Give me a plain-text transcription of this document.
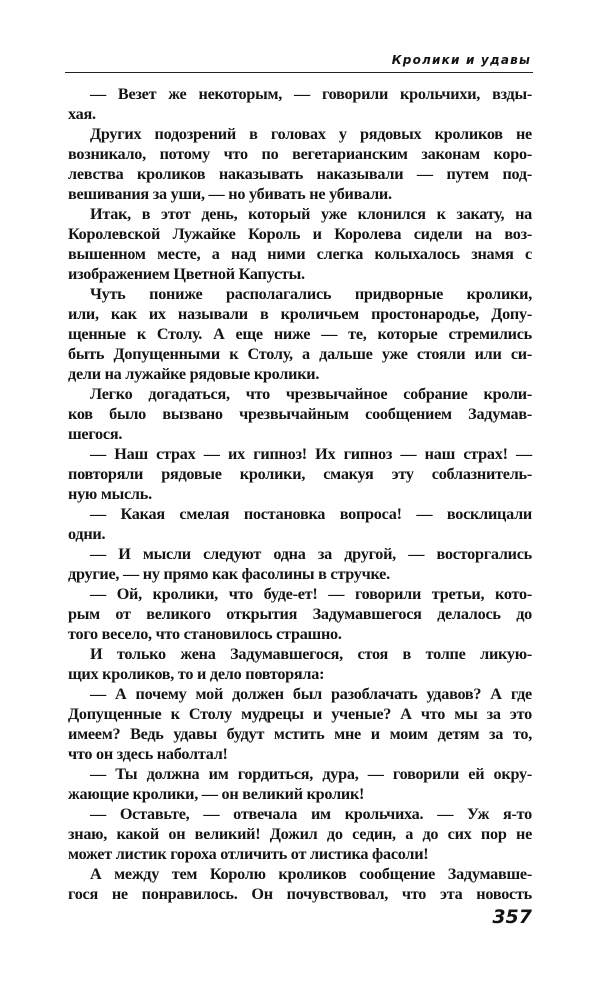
Кролики и удавы
— Везет же некоторым, — говорили крольчихи, взды-
хая.
Других подозрений в головах у рядовых кроликов не
возникало, потому что по вегетарианским законам коро-
левства кроликов наказывать наказывали — путем под-
вешивания за уши, — но убивать не убивали.
Итак, в этот день, который уже клонился к закату, на
Королевской Лужайке Король и Королева сидели на воз-
вышенном месте, а над ними слегка колыхалось знамя с
изображением Цветной Капусты.
Чуть пониже располагались придворные кролики,
или, как их называли в кроличьем простонародье, Допу-
щенные к Столу. А еще ниже — те, которые стремились
быть Допущенными к Столу, а дальше уже стояли или си-
дели на лужайке рядовые кролики.
Легко догадаться, что чрезвычайное собрание кроли-
ков было вызвано чрезвычайным сообщением Задумав-
шегося.
— Наш страх — их гипноз! Их гипноз — наш страх! —
повторяли рядовые кролики, смакуя эту соблазнитель-
ную мысль.
— Какая смелая постановка вопроса! — восклицали
одни.
— И мысли следуют одна за другой, — восторгались
другие, — ну прямо как фасолины в стручке.
— Ой, кролики, что буде-ет! — говорили третьи, кото-
рым от великого открытия Задумавшегося делалось до
того весело, что становилось страшно.
И только жена Задумавшегося, стоя в толпе ликую-
щих кроликов, то и дело повторяла:
— А почему мой должен был разоблачать удавов? А где
Допущенные к Столу мудрецы и ученые? А что мы за это
имеем? Ведь удавы будут мстить мне и моим детям за то,
что он здесь наболтал!
— Ты должна им гордиться, дура, — говорили ей окру-
жающие кролики, — он великий кролик!
— Оставьте, — отвечала им крольчиха. — Уж я-то
знаю, какой он великий! Дожил до седин, а до сих пор не
может листик гороха отличить от листика фасоли!
А между тем Королю кроликов сообщение Задумавше-
гося не понравилось. Он почувствовал, что эта новость
357
